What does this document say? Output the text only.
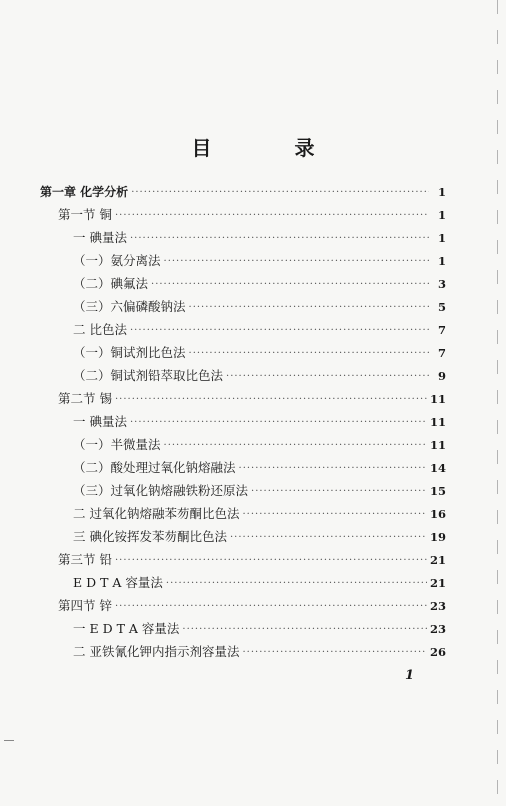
目 录
第一章 化学分析 ·····	1
第一节 铜 ·····	1
一 碘量法 ·····	1
（一）氨分离法 ·····	1
（二）碘氟法 ·····	3
（三）六偏磷酸钠法 ·····	5
二 比色法 ·····	7
（一）铜试剂比色法 ·····	7
（二）铜试剂铅萃取比色法 ·····	9
第二节 锡 ·····	11
一 碘量法 ·····	11
（一）半微量法 ·····	11
（二）酸处理过氧化钠熔融法 ·····	14
（三）过氧化钠熔融铁粉还原法 ·····	15
二 过氧化钠熔融苯芴酮比色法 ·····	16
三 碘化铵挥发苯芴酮比色法 ·····	19
第三节 铅 ·····	21
E D T A 容量法 ·····	21
第四节 锌 ·····	23
一 E D T A 容量法 ·····	23
二 亚铁氰化钾内指示剂容量法 ·····	26
1
